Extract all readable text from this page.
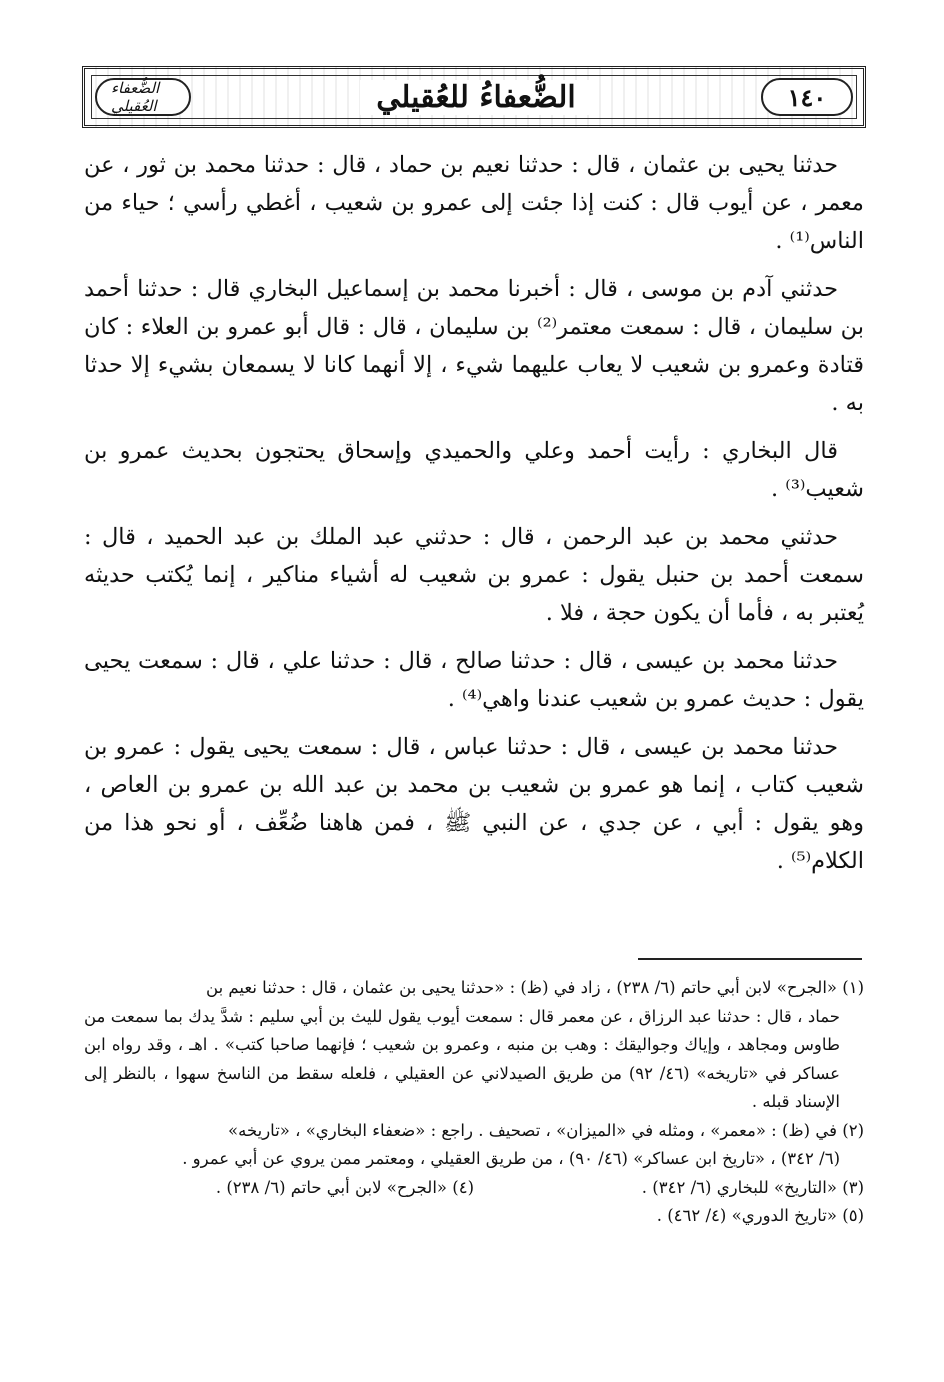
الضُّعفاء العُقيلي	الضُّعفاءُ للعُقيلي	١٤٠

حدثنا يحيى بن عثمان ، قال : حدثنا نعيم بن حماد ، قال : حدثنا محمد بن ثور ، عن معمر ، عن أيوب قال : كنت إذا جئت إلى عمرو بن شعيب ، أغطي رأسي ؛ حياء من الناس⁽¹⁾ .

حدثني آدم بن موسى ، قال : أخبرنا محمد بن إسماعيل البخاري قال : حدثنا أحمد بن سليمان ، قال : سمعت معتمر⁽²⁾ بن سليمان ، قال : قال أبو عمرو بن العلاء : كان قتادة وعمرو بن شعيب لا يعاب عليهما شيء ، إلا أنهما كانا لا يسمعان بشيء إلا حدثا به .

قال البخاري : رأيت أحمد وعلي والحميدي وإسحاق يحتجون بحديث عمرو بن شعيب⁽³⁾ .

حدثني محمد بن عبد الرحمن ، قال : حدثني عبد الملك بن عبد الحميد ، قال : سمعت أحمد بن حنبل يقول : عمرو بن شعيب له أشياء مناكير ، إنما يُكتب حديثه يُعتبر به ، فأما أن يكون حجة ، فلا .

حدثنا محمد بن عيسى ، قال : حدثنا صالح ، قال : حدثنا علي ، قال : سمعت يحيى يقول : حديث عمرو بن شعيب عندنا واهي⁽⁴⁾ .

حدثنا محمد بن عيسى ، قال : حدثنا عباس ، قال : سمعت يحيى يقول : عمرو بن شعيب كتاب ، إنما هو عمرو بن شعيب بن محمد بن عبد الله بن عمرو بن العاص ، وهو يقول : أبي ، عن جدي ، عن النبي ﷺ ، فمن هاهنا ضُعِّف ، أو نحو هذا من الكلام⁽⁵⁾ .

(١) «الجرح» لابن أبي حاتم (٦/ ٢٣٨) ، زاد في (ظ) : «حدثنا يحيى بن عثمان ، قال : حدثنا نعيم بن

حماد ، قال : حدثنا عبد الرزاق ، عن معمر قال : سمعت أيوب يقول لليث بن أبي سليم : شدَّ يدك بما سمعت من طاوس ومجاهد ، وإياك وجواليقك : وهب بن منبه ، وعمرو بن شعيب ؛ فإنهما صاحبا كتب» . اهـ ، وقد رواه ابن عساكر في «تاريخه» (٤٦/ ٩٢) من طريق الصيدلاني عن العقيلي ، فلعله سقط من الناسخ سهوا ، بالنظر إلى الإسناد قبله .

(٢) في (ظ) : «معمر» ، ومثله في «الميزان» ، تصحيف . راجع : «ضعفاء البخاري» ، «تاريخه»

(٦/ ٣٤٢) ، «تاريخ ابن عساكر» (٤٦/ ٩٠) ، من طريق العقيلي ، ومعتمر ممن يروي عن أبي عمرو .

(٣) «التاريخ» للبخاري (٦/ ٣٤٢) .
(٤) «الجرح» لابن أبي حاتم (٦/ ٢٣٨) .

(٥) «تاريخ الدوري» (٤/ ٤٦٢) .
